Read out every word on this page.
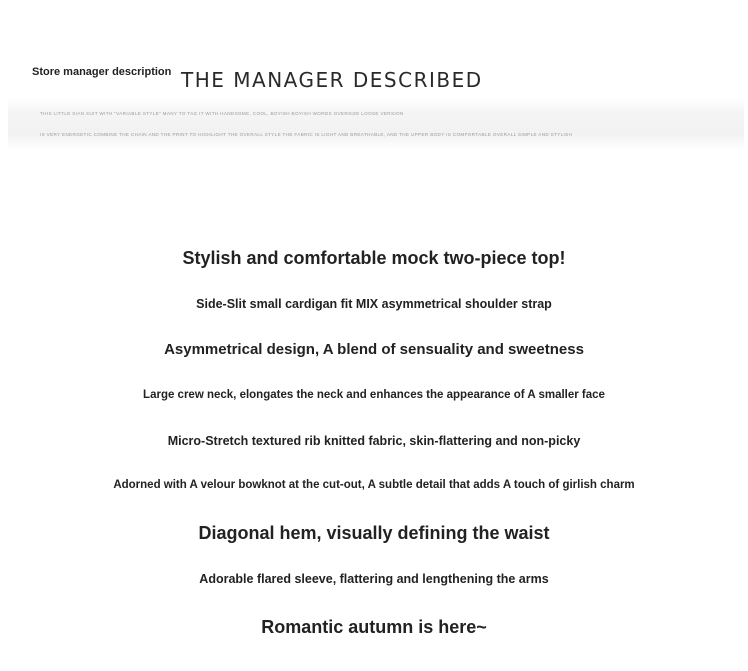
Store manager description THE MANAGER DESCRIBED
THIS LITTLE SIAN SUIT WITH "VARIABLE STYLE" MANY TO TAG IT WITH HANDSOME, COOL, BOYISH BOYISH WORDS OVERSIZE LOOSE VERSION
IS VERY ENERGETIC COMBINE THE CHAIN AND THE PRINT TO HIGHLIGHT THE OVERALL STYLE THE FABRIC IS LIGHT AND BREATHABLE, AND THE UPPER BODY IS COMFORTABLE OVERALL SIMPLE AND STYLISH
Stylish and comfortable mock two-piece top!
Side-Slit small cardigan fit MIX asymmetrical shoulder strap
Asymmetrical design, A blend of sensuality and sweetness
Large crew neck, elongates the neck and enhances the appearance of A smaller face
Micro-Stretch textured rib knitted fabric, skin-flattering and non-picky
Adorned with A velour bowknot at the cut-out, A subtle detail that adds A touch of girlish charm
Diagonal hem, visually defining the waist
Adorable flared sleeve, flattering and lengthening the arms
Romantic autumn is here~
